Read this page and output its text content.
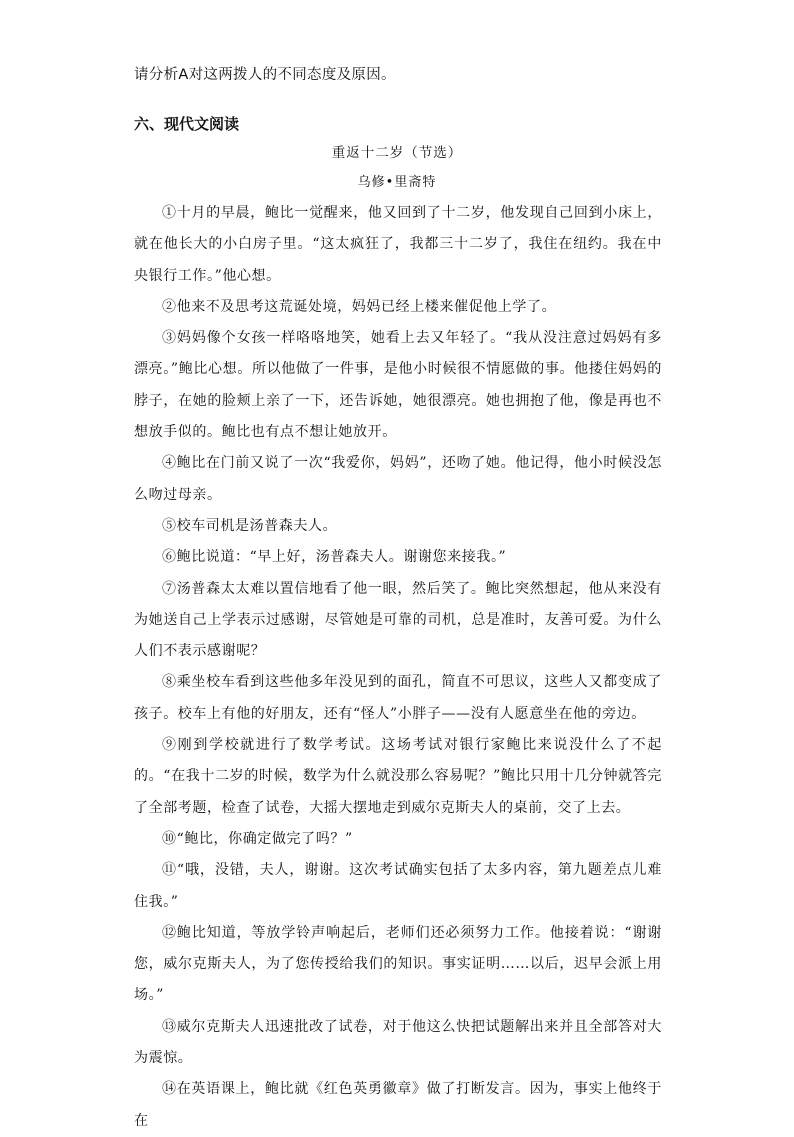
请分析A对这两拨人的不同态度及原因。
六、现代文阅读
重返十二岁（节选）
乌修•里斋特

①十月的早晨，鲍比一觉醒来，他又回到了十二岁，他发现自己回到小床上，就在他长大的小白房子里。“这太疯狂了，我都三十二岁了，我住在纽约。我在中央银行工作。”他心想。

②他来不及思考这荒诞处境，妈妈已经上楼来催促他上学了。

③妈妈像个女孩一样咯咯地笑，她看上去又年轻了。“我从没注意过妈妈有多漂亮。”鲍比心想。所以他做了一件事，是他小时候很不情愿做的事。他搂住妈妈的脖子，在她的脸颊上亲了一下，还告诉她，她很漂亮。她也拥抱了他，像是再也不想放手似的。鲍比也有点不想让她放开。

④鲍比在门前又说了一次“我爱你，妈妈”，还吻了她。他记得，他小时候没怎么吻过母亲。

⑤校车司机是汤普森夫人。

⑥鲍比说道：“早上好，汤普森夫人。谢谢您来接我。”

⑦汤普森太太难以置信地看了他一眼，然后笑了。鲍比突然想起，他从来没有为她送自己上学表示过感谢，尽管她是可靠的司机，总是准时，友善可爱。为什么人们不表示感谢呢？

⑧乘坐校车看到这些他多年没见到的面孔，简直不可思议，这些人又都变成了孩子。校车上有他的好朋友，还有“怪人”小胖子——没有人愿意坐在他的旁边。

⑨刚到学校就进行了数学考试。这场考试对银行家鲍比来说没什么了不起的。“在我十二岁的时候，数学为什么就没那么容易呢？”鲍比只用十几分钟就答完了全部考题，检查了试卷，大摇大摆地走到威尔克斯夫人的桌前，交了上去。

⑩“鲍比，你确定做完了吗？”

⑪“哦，没错，夫人，谢谢。这次考试确实包括了太多内容，第九题差点儿难住我。”

⑫鲍比知道，等放学铃声响起后，老师们还必须努力工作。他接着说：“谢谢您，威尔克斯夫人，为了您传授给我们的知识。事实证明……以后，迟早会派上用场。”

⑬威尔克斯夫人迅速批改了试卷，对于他这么快把试题解出来并且全部答对大为震惊。

⑭在英语课上，鲍比就《红色英勇徽章》做了打断发言。因为，事实上他终于在
